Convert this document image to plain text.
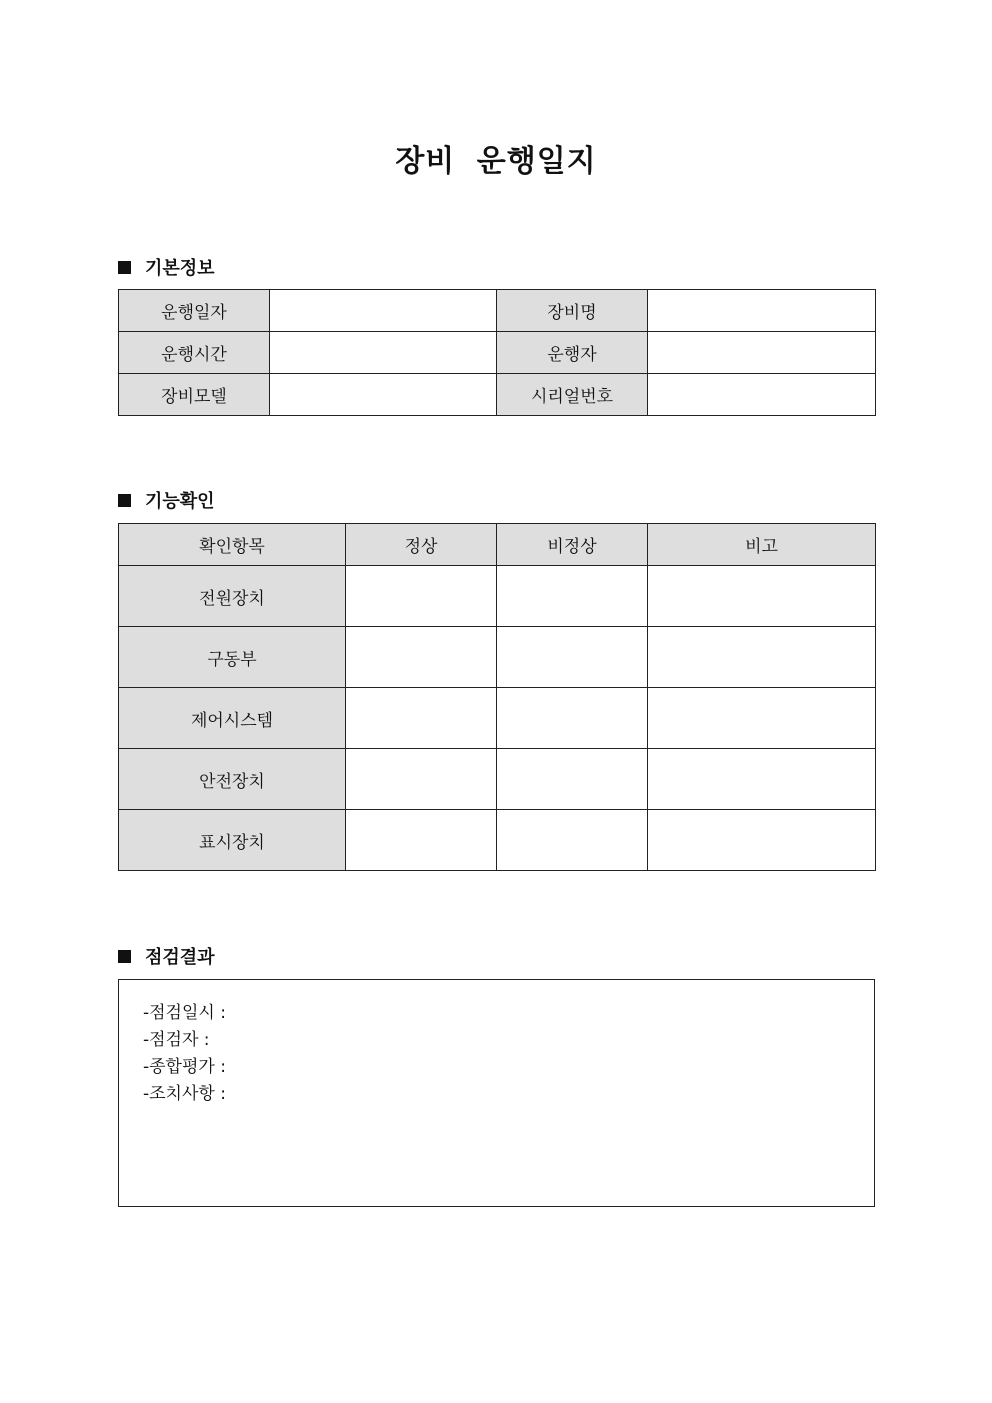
장비 운행일지
기본정보
운행일자		장비명	
운행시간		운행자	
장비모델		시리얼번호	
기능확인
확인항목	정상	비정상	비고
전원장치			
구동부			
제어시스템			
안전장치			
표시장치			
점검결과
-점검일시 :
-점검자 :
-종합평가 :
-조치사항 :
